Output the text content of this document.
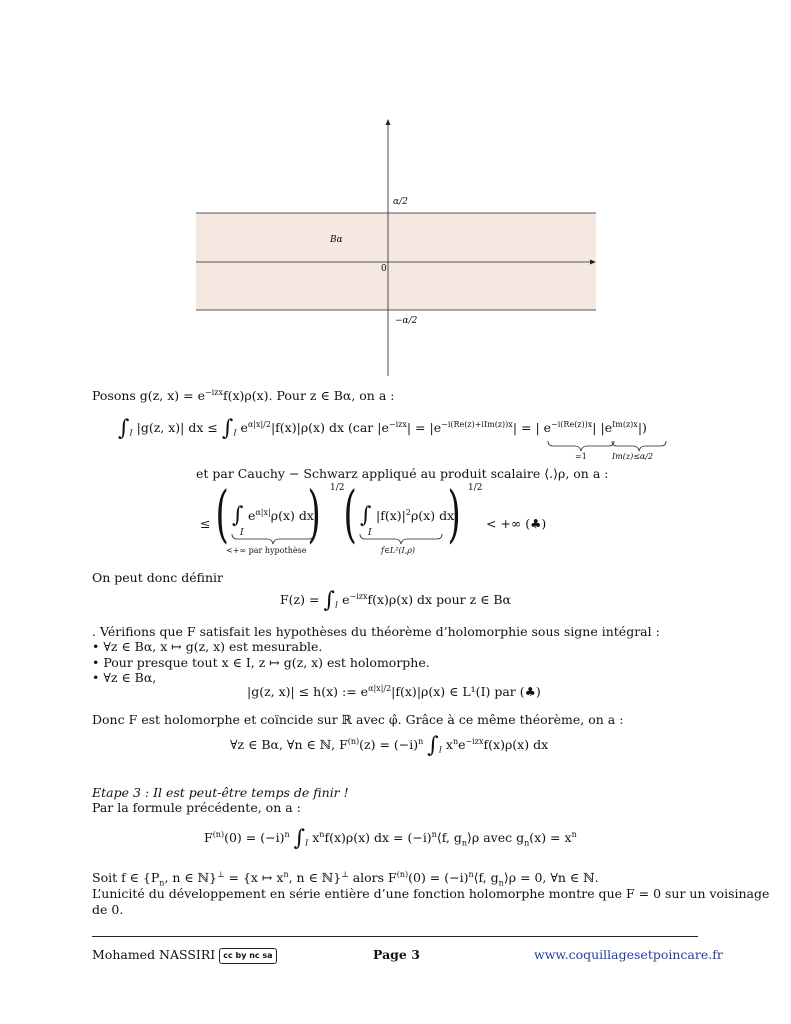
α/2
−α/2
0
Bα
Posons g(z, $x) = e^{-izx}f(x)\rho(x)$. Pour z ∈ Bα, on a :
$\int_I$ |g(z, x)| dx ≤ $\int_I$ $e^{\alpha|x|/2}|f(x)|\rho(x)$ dx (car $|e^{-izx}| = |e^{-i(Re(z)+iIm(z))x}|$ = | $e^{-i(Re(z))x}|$ $|e^{Im(z)x}|$)
=1	Im(z)≤α/2
et par Cauchy − Schwarz appliqué au produit scalaire ⟨.⟩ρ, on a :
≤ ( ∫
I
$e^{\alpha|x|}\rho(x)$ dx
) 1/2
( ∫
I
$|f(x)|^2\rho(x)$ dx
) 1/2
< +∞ (♣)
<+∞ par hypothèse	f∈L²(I,ρ)
On peut donc définir
$F(z) = \int_I$ $e^{-izx}f(x)\rho(x)$ dx pour z ∈ Bα
. Vérifions que F satisfait les hypothèses du théorème d’holomorphie sous signe intégral :
• ∀z ∈ Bα, x ↦ g(z, x) est mesurable.
• Pour presque tout x ∈ I, z ↦ g(z, x) est holomorphe.
• ∀z ∈ Bα,
|g(z, x)| ≤ h(x) := $e^{\alpha|x|/2}|f(x)|\rho(x)$ ∈ L¹(I) par (♣)
Donc F est holomorphe et coïncide sur ℝ avec φ̂. Grâce à ce même théorème, on a :
∀z ∈ Bα, ∀n ∈ ℕ, $F^{(n)}(z) = (-i)^n$ $\int_I$ $x^ne^{-izx}f(x)\rho(x)$ dx
Etape 3 : Il est peut-être temps de finir !
Par la formule précédente, on a :
$F^{(n)}(0) = (-i)^n$ $\int_I$ $x^nf(x)\rho(x)$ dx = $(-i)^n⟨f$, $g_n⟩\rho$ avec $g_n(x) = x^n$
Soit f ∈ {$P_n$, n ∈ ℕ}⊥ = {x ↦ $x^n$, n ∈ ℕ}⊥ alors $F^{(n)}(0)$ = $(-i)^n⟨f$, $g_n⟩\rho = 0$, ∀n ∈ ℕ.
L’unicité du développement en série entière d’une fonction holomorphe montre que F = 0 sur un voisinage
de 0.
Mohamed NASSIRI cc by nc sa	Page 3	www.coquillagesetpoincare.fr
